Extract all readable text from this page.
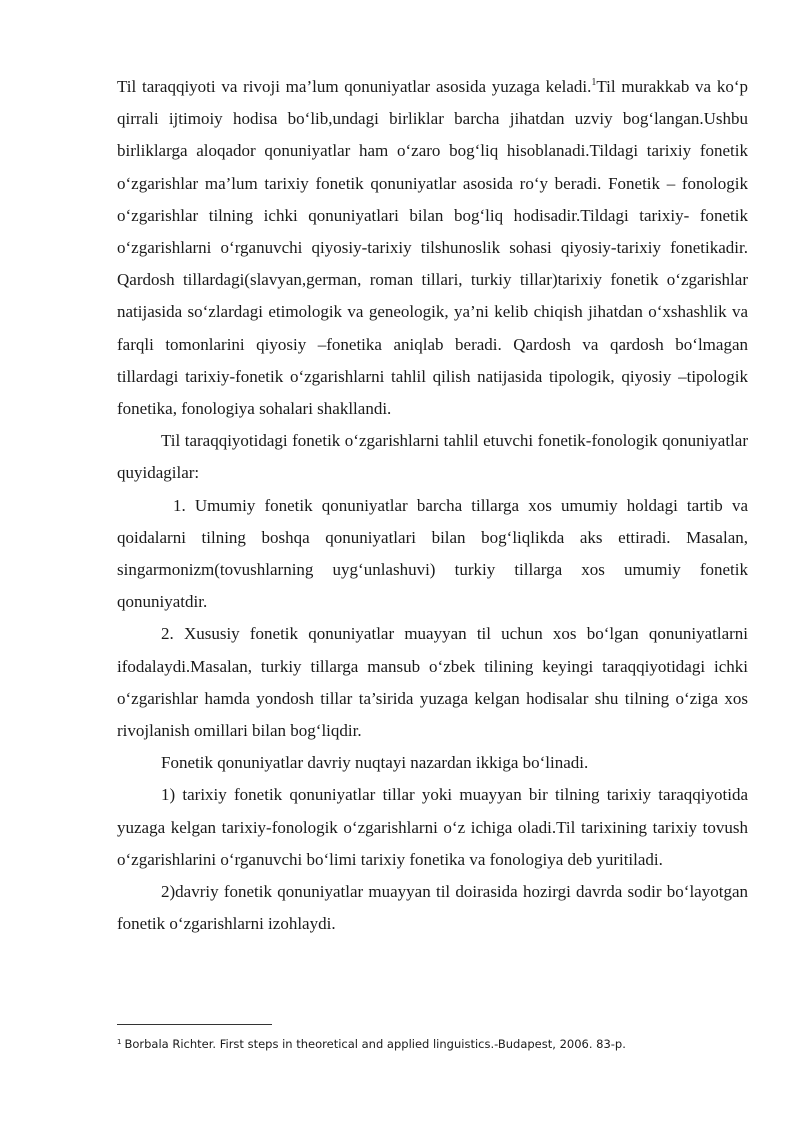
Til taraqqiyoti va rivoji ma’lum qonuniyatlar asosida yuzaga keladi.$^1$Til murakkab va ko‘p qirrali ijtimoiy hodisa bo‘lib,undagi birliklar barcha jihatdan uzviy bog‘langan.Ushbu birliklarga aloqador qonuniyatlar ham o‘zaro bog‘liq hisoblanadi.Tildagi tarixiy fonetik o‘zgarishlar ma’lum tarixiy fonetik qonuniyatlar asosida ro‘y beradi. Fonetik – fonologik o‘zgarishlar tilning ichki qonuniyatlari bilan bog‘liq hodisadir.Tildagi tarixiy- fonetik o‘zgarishlarni o‘rganuvchi qiyosiy-tarixiy tilshunoslik sohasi qiyosiy-tarixiy fonetikadir. Qardosh tillardagi(slavyan,german, roman tillari, turkiy tillar)tarixiy fonetik o‘zgarishlar natijasida so‘zlardagi etimologik va geneologik, ya’ni kelib chiqish jihatdan o‘xshashlik va farqli tomonlarini qiyosiy –fonetika aniqlab beradi. Qardosh va qardosh bo‘lmagan tillardagi tarixiy-fonetik o‘zgarishlarni tahlil qilish natijasida tipologik, qiyosiy –tipologik fonetika, fonologiya sohalari shakllandi.

Til taraqqiyotidagi fonetik o‘zgarishlarni tahlil etuvchi fonetik-fonologik qonuniyatlar quyidagilar:

1. Umumiy fonetik qonuniyatlar barcha tillarga xos umumiy holdagi tartib va qoidalarni tilning boshqa qonuniyatlari bilan bog‘liqlikda aks ettiradi. Masalan, singarmonizm(tovushlarning uyg‘unlashuvi) turkiy tillarga xos umumiy fonetik qonuniyatdir.

2. Xususiy fonetik qonuniyatlar muayyan til uchun xos bo‘lgan qonuniyatlarni ifodalaydi.Masalan, turkiy tillarga mansub o‘zbek tilining keyingi taraqqiyotidagi ichki o‘zgarishlar hamda yondosh tillar ta’sirida yuzaga kelgan hodisalar shu tilning o‘ziga xos rivojlanish omillari bilan bog‘liqdir.

Fonetik qonuniyatlar davriy nuqtayi nazardan ikkiga bo‘linadi.

1) tarixiy fonetik qonuniyatlar tillar yoki muayyan bir tilning tarixiy taraqqiyotida yuzaga kelgan tarixiy-fonologik o‘zgarishlarni o‘z ichiga oladi.Til tarixining tarixiy tovush o‘zgarishlarini o‘rganuvchi bo‘limi tarixiy fonetika va fonologiya deb yuritiladi.

2)davriy fonetik qonuniyatlar muayyan til doirasida hozirgi davrda sodir bo‘layotgan fonetik o‘zgarishlarni izohlaydi.

$^1$ Borbala Richter. First steps in theoretical and applied linguistics.-Budapest, 2006. 83-p.
